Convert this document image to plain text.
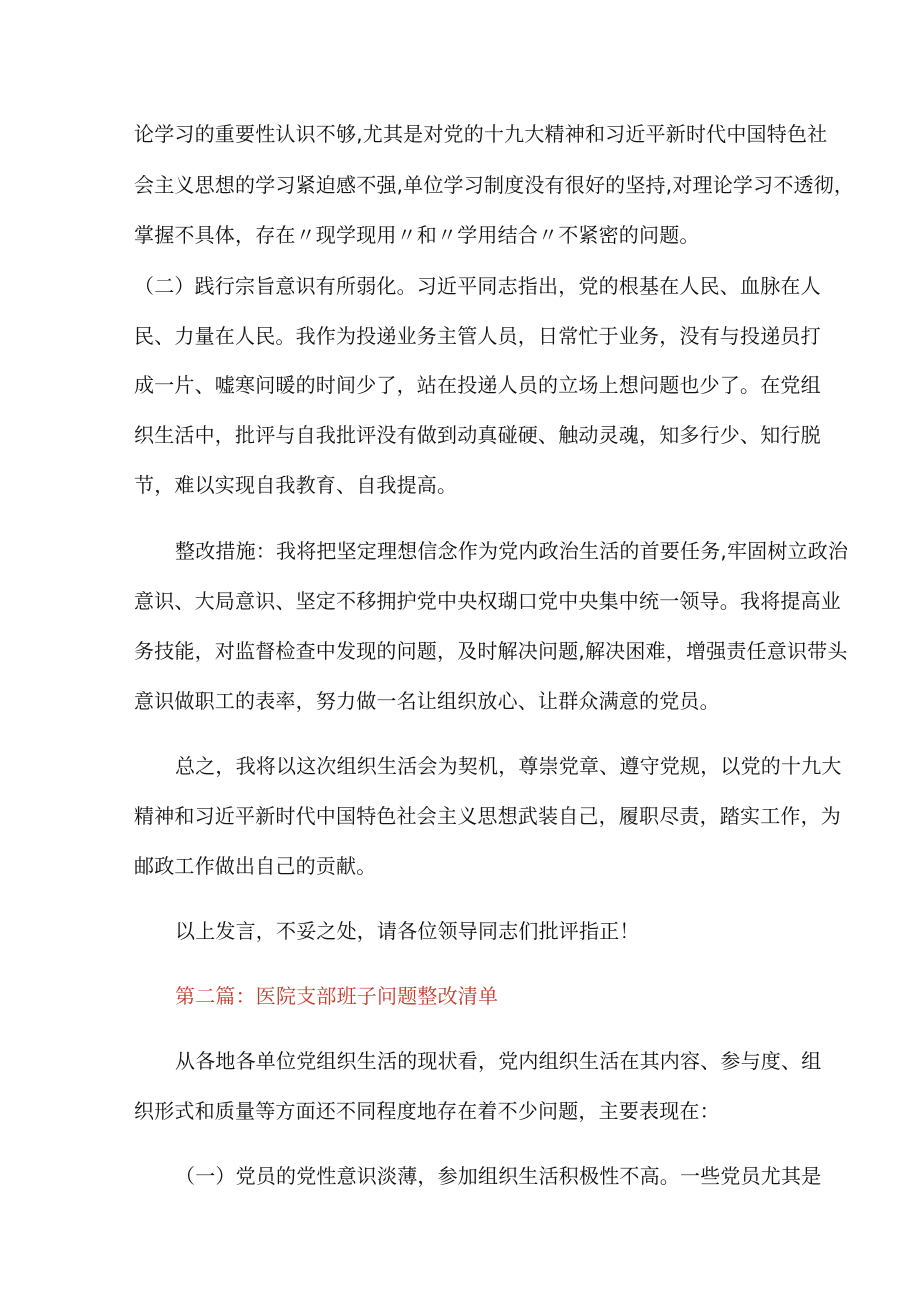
论学习的重要性认识不够,尤其是对党的十九大精神和习近平新时代中国特色社
会主义思想的学习紧迫感不强,单位学习制度没有很好的坚持,对理论学习不透彻，
掌握不具体，存在〃现学现用〃和〃学用结合〃不紧密的问题。
（二）践行宗旨意识有所弱化。习近平同志指出，党的根基在人民、血脉在人
民、力量在人民。我作为投递业务主管人员，日常忙于业务，没有与投递员打
成一片、嘘寒问暖的时间少了，站在投递人员的立场上想问题也少了。在党组
织生活中，批评与自我批评没有做到动真碰硬、触动灵魂，知多行少、知行脱
节，难以实现自我教育、自我提高。
整改措施：我将把坚定理想信念作为党内政治生活的首要任务,牢固树立政治
意识、大局意识、坚定不移拥护党中央权瑚口党中央集中统一领导。我将提高业
务技能，对监督检查中发现的问题，及时解决问题,解决困难，增强责任意识带头
意识做职工的表率，努力做一名让组织放心、让群众满意的党员。
总之，我将以这次组织生活会为契机，尊崇党章、遵守党规，以党的十九大
精神和习近平新时代中国特色社会主义思想武装自己，履职尽责，踏实工作，为
邮政工作做出自己的贡献。
以上发言，不妥之处，请各位领导同志们批评指正！
第二篇：医院支部班子问题整改清单
从各地各单位党组织生活的现状看，党内组织生活在其内容、参与度、组
织形式和质量等方面还不同程度地存在着不少问题，主要表现在：
（一）党员的党性意识淡薄，参加组织生活积极性不高。一些党员尤其是
